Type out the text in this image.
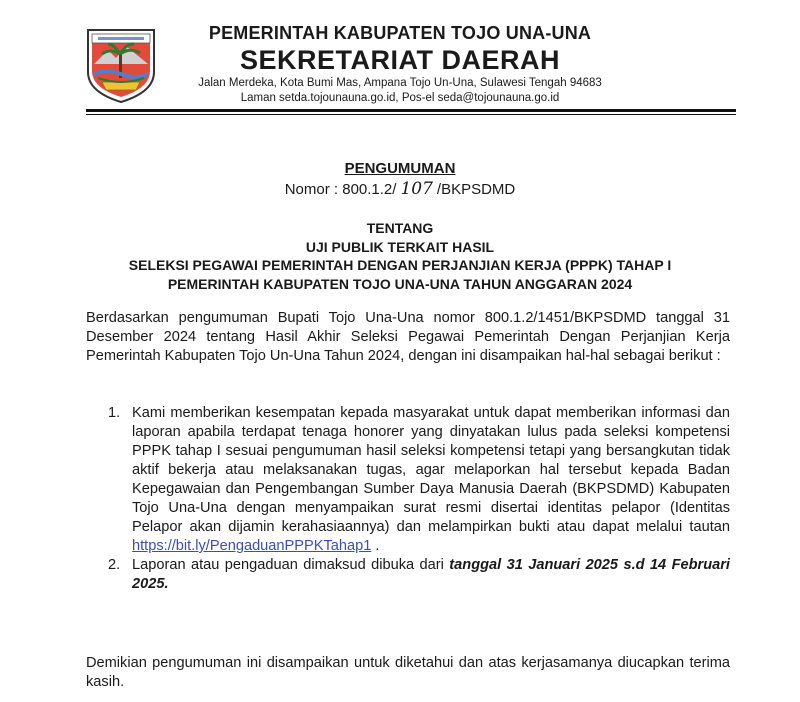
PEMERINTAH KABUPATEN TOJO UNA-UNA
SEKRETARIAT DAERAH
Jalan Merdeka, Kota Bumi Mas, Ampana Tojo Un-Una, Sulawesi Tengah 94683
Laman setda.tojounauna.go.id, Pos-el seda@tojounauna.go.id
PENGUMUMAN
Nomor : 800.1.2/ 107 /BKPSDMD
TENTANG
UJI PUBLIK TERKAIT HASIL
SELEKSI PEGAWAI PEMERINTAH DENGAN PERJANJIAN KERJA (PPPK) TAHAP I
PEMERINTAH KABUPATEN TOJO UNA-UNA TAHUN ANGGARAN 2024
Berdasarkan pengumuman Bupati Tojo Una-Una nomor 800.1.2/1451/BKPSDMD tanggal 31 Desember 2024 tentang Hasil Akhir Seleksi Pegawai Pemerintah Dengan Perjanjian Kerja Pemerintah Kabupaten Tojo Un-Una Tahun 2024, dengan ini disampaikan hal-hal sebagai berikut :
1. Kami memberikan kesempatan kepada masyarakat untuk dapat memberikan informasi dan laporan apabila terdapat tenaga honorer yang dinyatakan lulus pada seleksi kompetensi PPPK tahap I sesuai pengumuman hasil seleksi kompetensi tetapi yang bersangkutan tidak aktif bekerja atau melaksanakan tugas, agar melaporkan hal tersebut kepada Badan Kepegawaian dan Pengembangan Sumber Daya Manusia Daerah (BKPSDMD) Kabupaten Tojo Una-Una dengan menyampaikan surat resmi disertai identitas pelapor (Identitas Pelapor akan dijamin kerahasiaannya) dan melampirkan bukti atau dapat melalui tautan https://bit.ly/PengaduanPPPKTahap1 .
2. Laporan atau pengaduan dimaksud dibuka dari tanggal 31 Januari 2025 s.d 14 Februari 2025.
Demikian pengumuman ini disampaikan untuk diketahui dan atas kerjasamanya diucapkan terima kasih.
